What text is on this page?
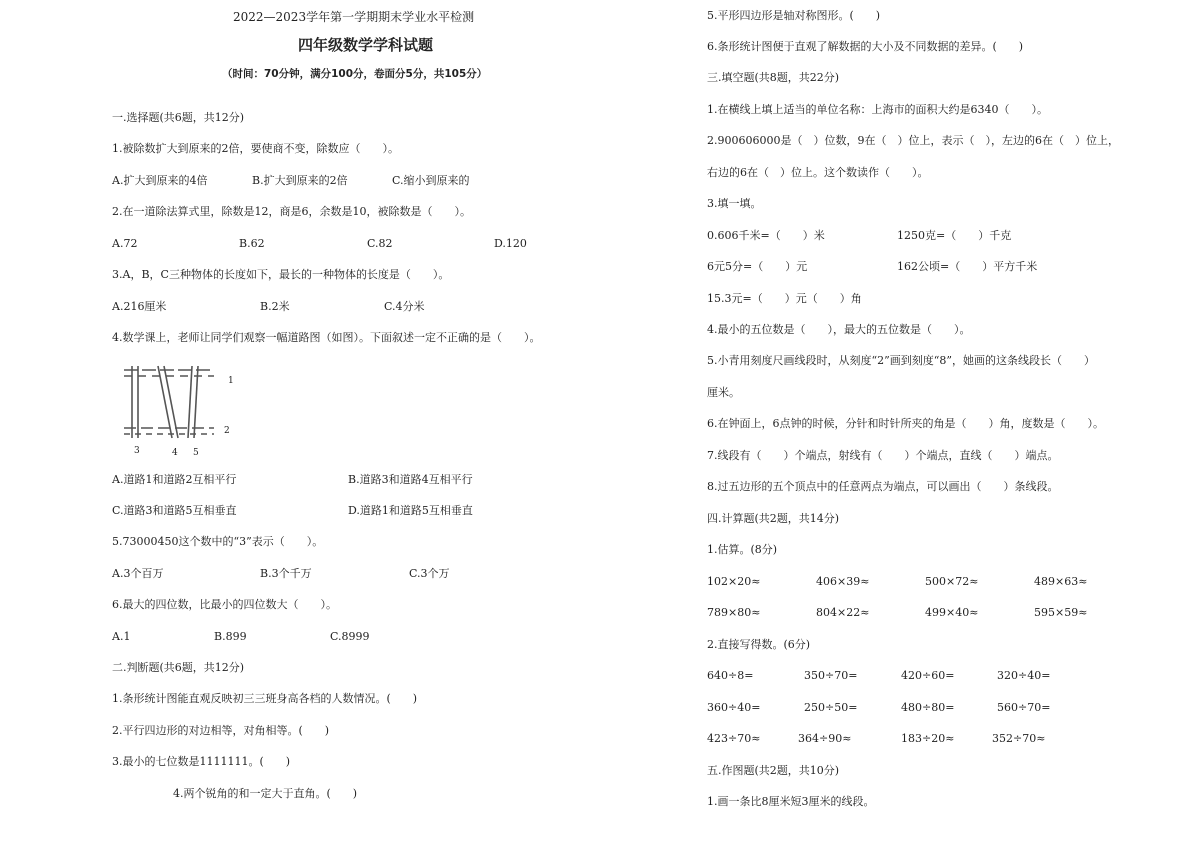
2022—2023学年第一学期期末学业水平检测
四年级数学学科试题
（时间：70分钟，满分100分，卷面分5分，共105分）
一.选择题(共6题，共12分)
1.被除数扩大到原来的2倍，要使商不变，除数应（　　）。
A.扩大到原来的4倍	B.扩大到原来的2倍	C.缩小到原来的
2.在一道除法算式里，除数是12，商是6，余数是10，被除数是（　　）。
A.72	B.62	C.82	D.120
3.A，B，C三种物体的长度如下，最长的一种物体的长度是（　　）。
A.216厘米	B.2米	C.4分米
4.数学课上，老师让同学们观察一幅道路图（如图）。下面叙述一定不正确的是（　　）。
1
2
3	4 5
A.道路1和道路2互相平行	B.道路3和道路4互相平行
C.道路3和道路5互相垂直	D.道路1和道路5互相垂直
5.73000450这个数中的“3”表示（　　）。
A.3个百万	B.3个千万	C.3个万
6.最大的四位数，比最小的四位数大（　　）。
A.1	B.899	C.8999
二.判断题(共6题，共12分)
1.条形统计图能直观反映初三三班身高各档的人数情况。(　　)
2.平行四边形的对边相等，对角相等。(　　)
3.最小的七位数是1111111。(　　)
4.两个锐角的和一定大于直角。(　　)
5.平形四边形是轴对称图形。(　　)
6.条形统计图便于直观了解数据的大小及不同数据的差异。(　　)
三.填空题(共8题，共22分)
1.在横线上填上适当的单位名称：上海市的面积大约是6340（　　）。
2.900606000是（　）位数，9在（　）位上，表示（　），左边的6在（　）位上，
右边的6在（　）位上。这个数读作（　　）。
3.填一填。
0.606千米=（　　）米	1250克=（　　）千克
6元5分=（　　）元	162公顷=（　　）平方千米
15.3元=（　　）元（　　）角
4.最小的五位数是（　　），最大的五位数是（　　）。
5.小青用刻度尺画线段时，从刻度“2”画到刻度“8”，她画的这条线段长（　　）
厘米。
6.在钟面上，6点钟的时候，分针和时针所夹的角是（　　）角，度数是（　　）。
7.线段有（　　）个端点，射线有（　　）个端点，直线（　　）端点。
8.过五边形的五个顶点中的任意两点为端点，可以画出（　　）条线段。
四.计算题(共2题，共14分)
1.估算。(8分)
102×20≈	406×39≈	500×72≈	489×63≈
789×80≈	804×22≈	499×40≈	595×59≈
2.直接写得数。(6分)
640÷8=	350÷70=	420÷60=	320÷40=
360÷40=	250÷50=	480÷80=	560÷70=
423÷70≈	364÷90≈	183÷20≈	352÷70≈
五.作图题(共2题，共10分)
1.画一条比8厘米短3厘米的线段。
